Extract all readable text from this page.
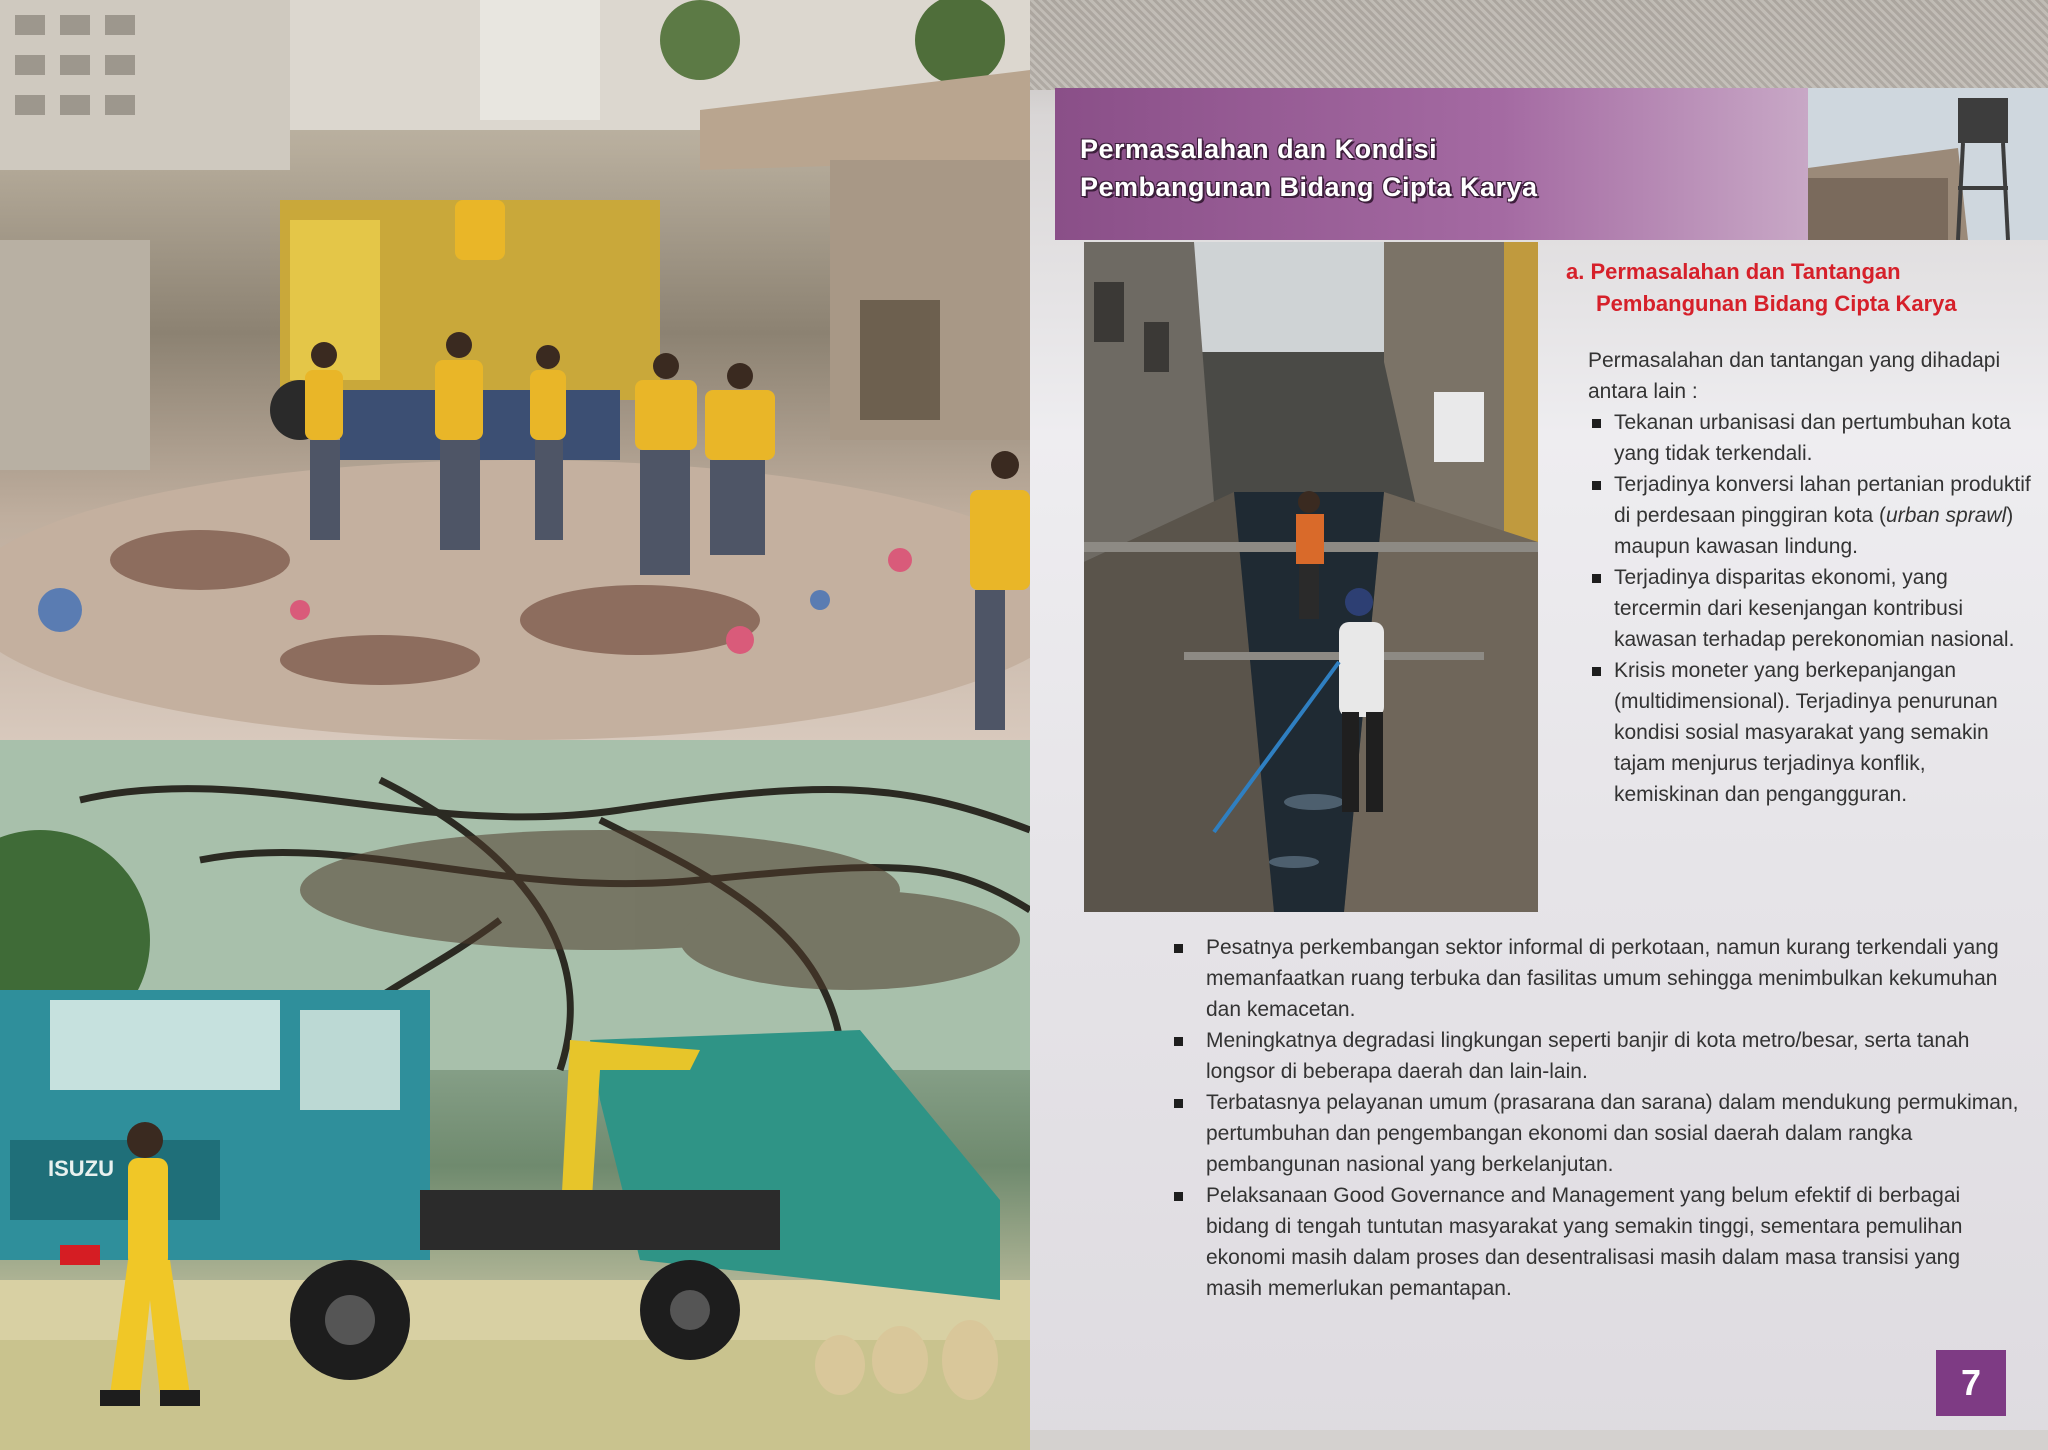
ISUZU
Permasalahan dan Kondisi
Pembangunan Bidang Cipta Karya
a. Permasalahan dan Tantangan
Pembangunan Bidang Cipta Karya

Permasalahan dan tantangan yang dihadapi antara lain :

Tekanan urbanisasi dan pertumbuhan kota yang tidak terkendali.
Terjadinya konversi lahan pertanian produktif di perdesaan pinggiran kota (urban sprawl) maupun kawasan lindung.
Terjadinya disparitas ekonomi, yang tercermin dari kesenjangan kontribusi kawasan terhadap perekonomian nasional.
Krisis moneter yang berkepanjangan (multidimensional). Terjadinya penurunan kondisi sosial masyarakat yang semakin tajam menjurus terjadinya konflik, kemiskinan dan pengangguran.
Pesatnya perkembangan sektor informal di perkotaan, namun kurang terkendali yang memanfaatkan ruang terbuka dan fasilitas umum sehingga menimbulkan kekumuhan dan kemacetan.
Meningkatnya degradasi lingkungan seperti banjir di kota metro/besar, serta tanah longsor di beberapa daerah dan lain-lain.
Terbatasnya pelayanan umum (prasarana dan sarana) dalam mendukung permukiman, pertumbuhan dan pengembangan ekonomi dan sosial daerah dalam rangka pembangunan nasional yang berkelanjutan.
Pelaksanaan Good Governance and Management yang belum efektif di berbagai bidang di tengah tuntutan masyarakat yang semakin tinggi, sementara pemulihan ekonomi masih dalam proses dan desentralisasi masih dalam masa transisi yang masih memerlukan pemantapan.
7
